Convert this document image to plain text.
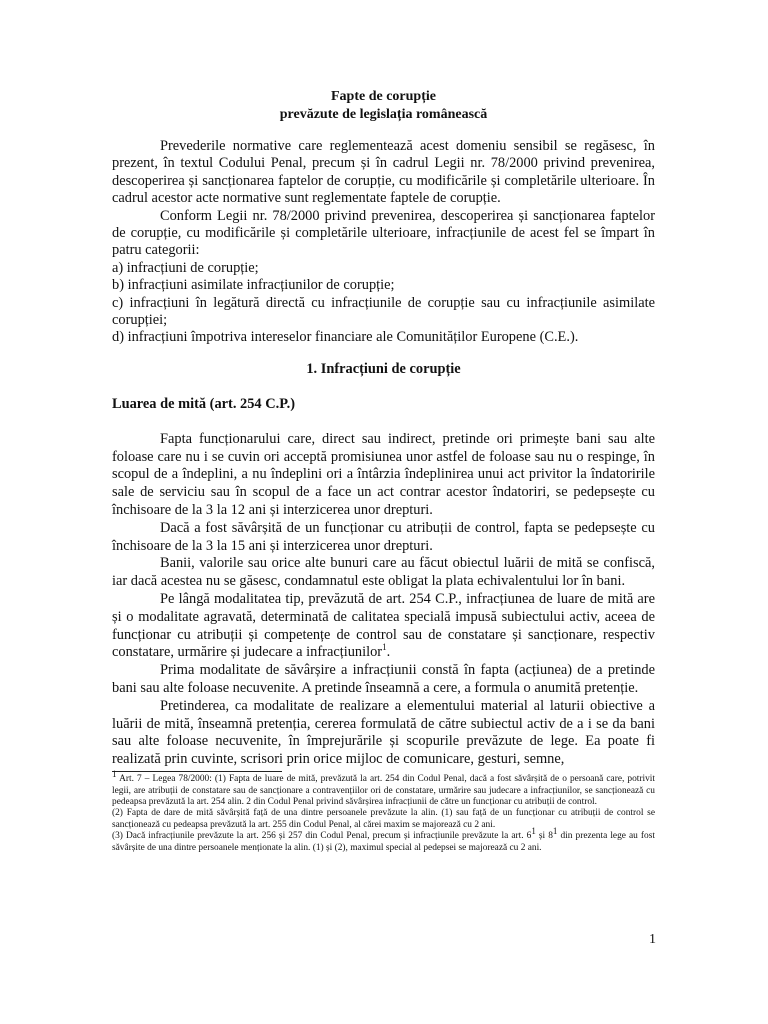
Fapte de corupție
prevăzute de legislația românească

Prevederile normative care reglementează acest domeniu sensibil se regăsesc, în prezent, în textul Codului Penal, precum și în cadrul Legii nr. 78/2000 privind prevenirea, descoperirea și sancționarea faptelor de corupție, cu modificările și completările ulterioare. În cadrul acestor acte normative sunt reglementate faptele de corupție.

Conform Legii nr. 78/2000 privind prevenirea, descoperirea și sancționarea faptelor de corupție, cu modificările și completările ulterioare, infracțiunile de acest fel se împart în patru categorii:

a) infracțiuni de corupție;

b) infracțiuni asimilate infracțiunilor de corupție;

c) infracțiuni în legătură directă cu infracțiunile de corupție sau cu infracțiunile asimilate corupției;

d) infracțiuni împotriva intereselor financiare ale Comunităților Europene (C.E.).

1. Infracțiuni de corupție
Luarea de mită (art. 254 C.P.)

Fapta funcționarului care, direct sau indirect, pretinde ori primește bani sau alte foloase care nu i se cuvin ori acceptă promisiunea unor astfel de foloase sau nu o respinge, în scopul de a îndeplini, a nu îndeplini ori a întârzia îndeplinirea unui act privitor la îndatoririle sale de serviciu sau în scopul de a face un act contrar acestor îndatoriri, se pedepsește cu închisoare de la 3 la 12 ani și interzicerea unor drepturi.

Dacă a fost săvârșită de un funcționar cu atribuții de control, fapta se pedepsește cu închisoare de la 3 la 15 ani și interzicerea unor drepturi.

Banii, valorile sau orice alte bunuri care au făcut obiectul luării de mită se confiscă, iar dacă acestea nu se găsesc, condamnatul este obligat la plata echivalentului lor în bani.

Pe lângă modalitatea tip, prevăzută de art. 254 C.P., infracțiunea de luare de mită are și o modalitate agravată, determinată de calitatea specială impusă subiectului activ, aceea de funcționar cu atribuții și competențe de control sau de constatare și sancționare, respectiv constatare, urmărire și judecare a infracțiunilor$^1$.

Prima modalitate de săvârșire a infracțiunii constă în fapta (acțiunea) de a pretinde bani sau alte foloase necuvenite. A pretinde înseamnă a cere, a formula o anumită pretenție.

Pretinderea, ca modalitate de realizare a elementului material al laturii obiective a luării de mită, înseamnă pretenția, cererea formulată de către subiectul activ de a i se da bani sau alte foloase necuvenite, în împrejurările și scopurile prevăzute de lege. Ea poate fi realizată prin cuvinte, scrisori prin orice mijloc de comunicare, gesturi, semne,

$^1$ Art. 7 – Legea 78/2000: (1) Fapta de luare de mită, prevăzută la art. 254 din Codul Penal, dacă a fost săvârșită de o persoană care, potrivit legii, are atribuții de constatare sau de sancționare a contravențiilor ori de constatare, urmărire sau judecare a infracțiunilor, se sancționează cu pedeapsa prevăzută la art. 254 alin. 2 din Codul Penal privind săvârșirea infracțiunii de către un funcționar cu atribuții de control.

(2) Fapta de dare de mită săvârșită față de una dintre persoanele prevăzute la alin. (1) sau față de un funcționar cu atribuții de control se sancționează cu pedeapsa prevăzută la art. 255 din Codul Penal, al cărei maxim se majorează cu 2 ani.

(3) Dacă infracțiunile prevăzute la art. 256 și 257 din Codul Penal, precum și infracțiunile prevăzute la art. $6^1$ și $8^1$ din prezenta lege au fost săvârșite de una dintre persoanele menționate la alin. (1) și (2), maximul special al pedepsei se majorează cu 2 ani.

1
